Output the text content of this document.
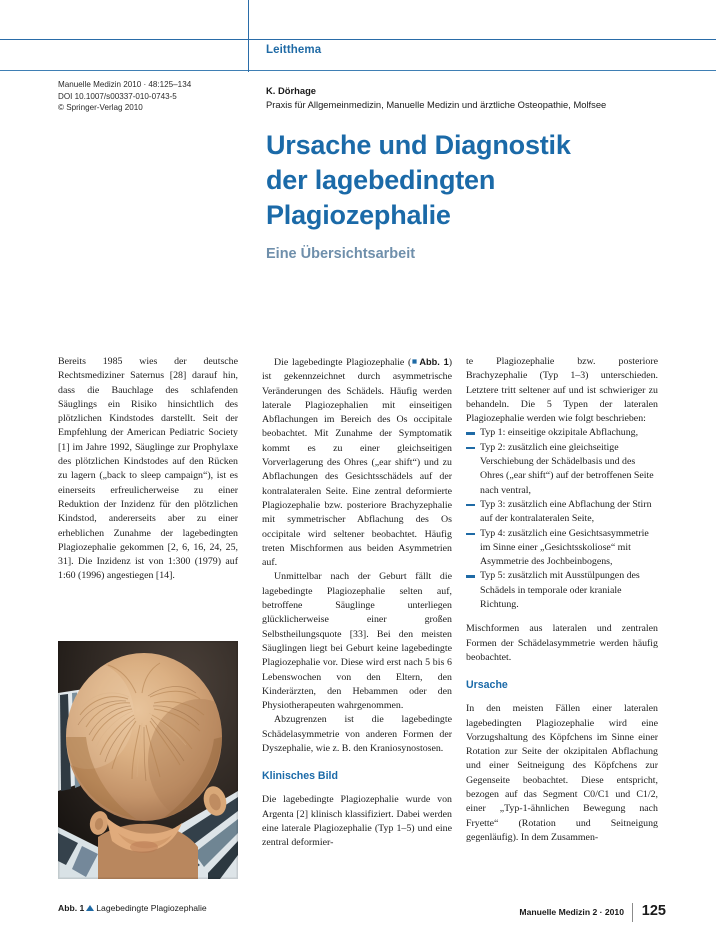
Leitthema
Manuelle Medizin 2010 · 48:125–134
DOI 10.1007/s00337-010-0743-5
© Springer-Verlag 2010
K. Dörhage
Praxis für Allgemeinmedizin, Manuelle Medizin und ärztliche Osteopathie, Molfsee
Ursache und Diagnostik
der lagebedingten
Plagiozephalie
Eine Übersichtsarbeit

Bereits 1985 wies der deutsche Rechtsmediziner Saternus [28] darauf hin, dass die Bauchlage des schlafenden Säuglings ein Risiko hinsichtlich des plötzlichen Kindstodes darstellt. Seit der Empfehlung der American Pediatric Society [1] im Jahre 1992, Säuglinge zur Prophylaxe des plötzlichen Kindstodes auf den Rücken zu lagern („back to sleep campaign“), ist es einerseits erfreulicherweise zu einer Reduktion der Inzidenz für den plötzlichen Kindstod, andererseits aber zu einer erheblichen Zunahme der lagebedingten Plagiozephalie gekommen [2, 6, 16, 24, 25, 31]. Die Inzidenz ist von 1:300 (1979) auf 1:60 (1996) angestiegen [14].

Die lagebedingte Plagiozephalie ( Abb. 1) ist gekennzeichnet durch asymmetrische Veränderungen des Schädels. Häufig werden laterale Plagiozephalien mit einseitigen Abflachungen im Bereich des Os occipitale beobachtet. Mit Zunahme der Symptomatik kommt es zu einer gleichseitigen Vorverlagerung des Ohres („ear shift“) und zu Abflachungen des Gesichtsschädels auf der kontralateralen Seite. Eine zentral deformierte Plagiozephalie bzw. posteriore Brachyzephalie mit symmetrischer Abflachung des Os occipitale wird seltener beobachtet. Häufig treten Mischformen aus beiden Asymmetrien auf.

Unmittelbar nach der Geburt fällt die lagebedingte Plagiozephalie selten auf, betroffene Säuglinge unterliegen glücklicherweise einer großen Selbstheilungsquote [33]. Bei den meisten Säuglingen liegt bei Geburt keine lagebedingte Plagiozephalie vor. Diese wird erst nach 5 bis 6 Lebenswochen von den Eltern, den Kinderärzten, den Hebammen oder den Physiotherapeuten wahrgenommen.

Abzugrenzen ist die lagebedingte Schädelasymmetrie von anderen Formen der Dyszephalie, wie z. B. den Kraniosynostosen.

Klinisches Bild

Die lagebedingte Plagiozephalie wurde von Argenta [2] klinisch klassifiziert. Dabei werden eine laterale Plagiozephalie (Typ 1–5) und eine zentral deformier-

te Plagiozephalie bzw. posteriore Brachyzephalie (Typ 1–3) unterschieden. Letztere tritt seltener auf und ist schwieriger zu behandeln. Die 5 Typen der lateralen Plagiozephalie werden wie folgt beschrieben:

Typ 1: einseitige okzipitale Abflachung,
Typ 2: zusätzlich eine gleichseitige Verschiebung der Schädelbasis und des Ohres („ear shift“) auf der betroffenen Seite nach ventral,
Typ 3: zusätzlich eine Abflachung der Stirn auf der kontralateralen Seite,
Typ 4: zusätzlich eine Gesichtsasymmetrie im Sinne einer „Gesichtsskoliose“ mit Asymmetrie des Jochbeinbogens,
Typ 5: zusätzlich mit Ausstülpungen des Schädels in temporale oder kraniale Richtung.

Mischformen aus lateralen und zentralen Formen der Schädelasymmetrie werden häufig beobachtet.

Ursache

In den meisten Fällen einer lateralen lagebedingten Plagiozephalie wird eine Vorzugshaltung des Köpfchens im Sinne einer Rotation zur Seite der okzipitalen Abflachung und einer Seitneigung des Köpfchens zur Gegenseite beobachtet. Diese entspricht, bezogen auf das Segment C0/C1 und C1/2, einer „Typ-1-ähnlichen Bewegung nach Fryette“ (Rotation und Seitneigung gegenläufig). In dem Zusammen-

Abb. 1 Lagebedingte Plagiozephalie	Manuelle Medizin 2 · 2010 125
